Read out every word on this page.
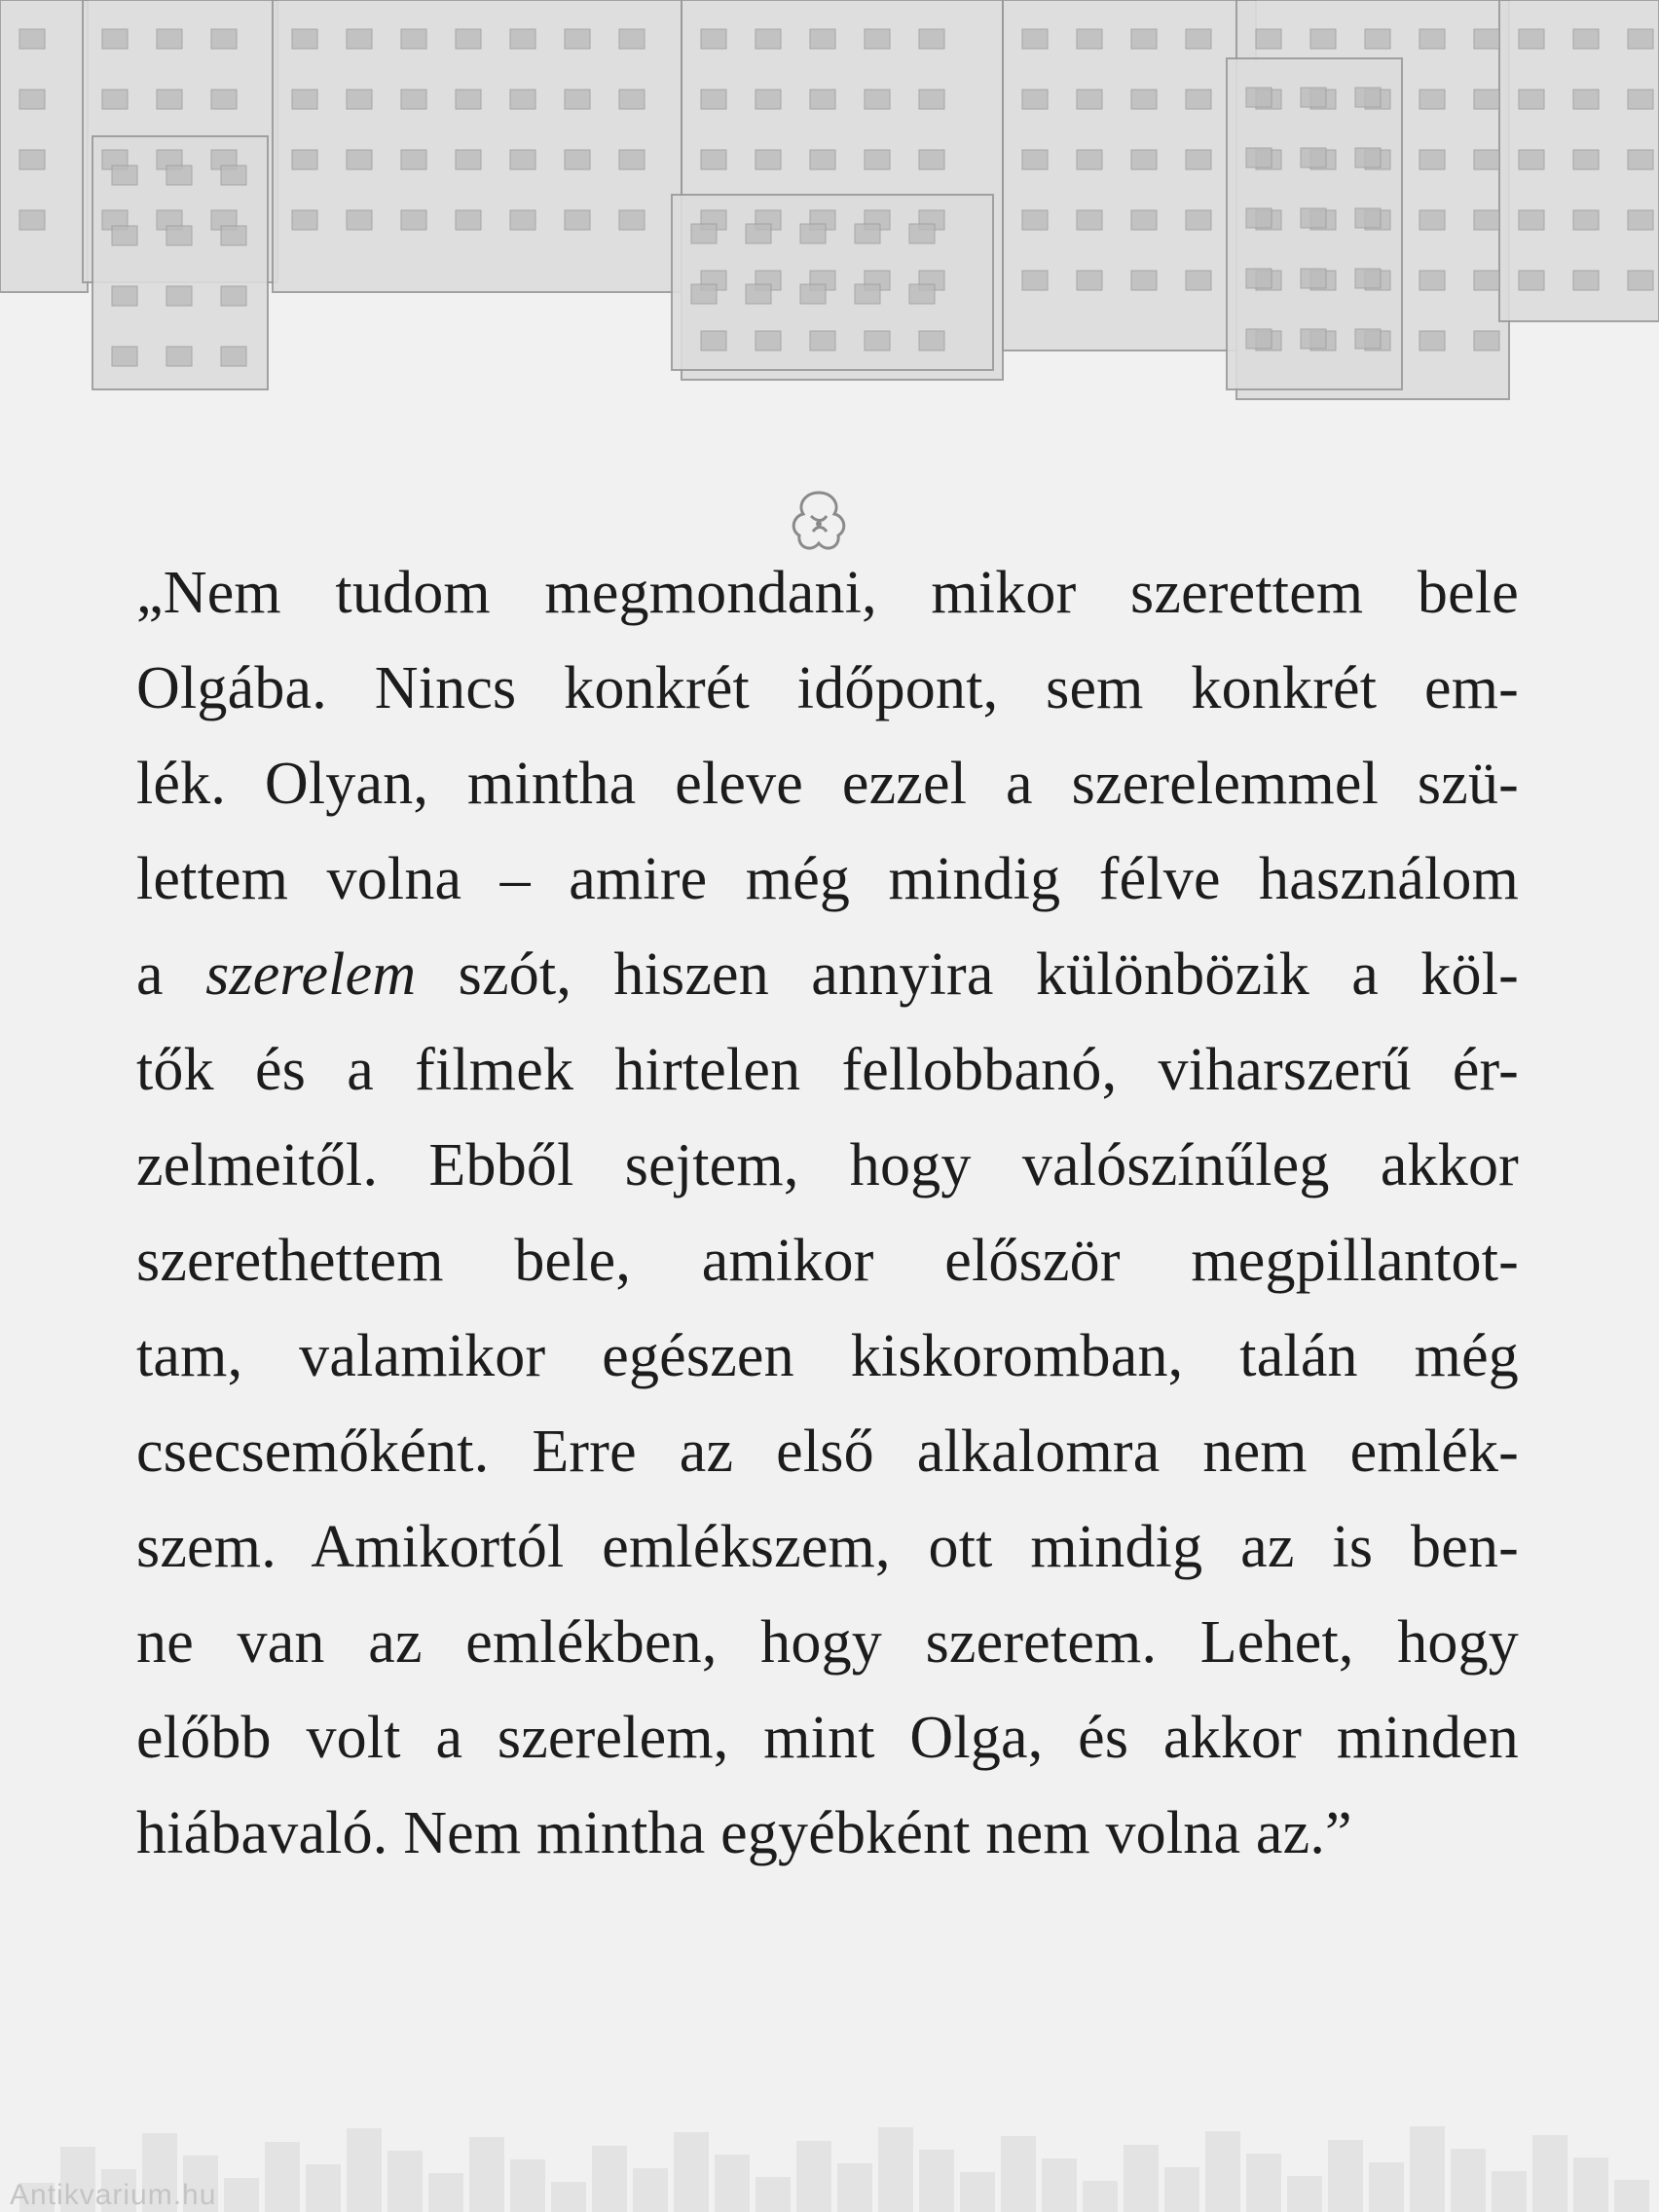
„Nem tudom megmondani, mikor szerettem bele
Olgába. Nincs konkrét időpont, sem konkrét em-
lék. Olyan, mintha eleve ezzel a szerelemmel szü-
lettem volna – amire még mindig félve használom
a szerelem szót, hiszen annyira különbözik a köl-
tők és a filmek hirtelen fellobbanó, viharszerű ér-
zelmeitől. Ebből sejtem, hogy valószínűleg akkor
szerethettem bele, amikor először megpillantot-
tam, valamikor egészen kiskoromban, talán még
csecsemőként. Erre az első alkalomra nem emlék-
szem. Amikortól emlékszem, ott mindig az is ben-
ne van az emlékben, hogy szeretem. Lehet, hogy
előbb volt a szerelem, mint Olga, és akkor minden
hiábavaló. Nem mintha egyébként nem volna az.”
Antikvarium.hu
